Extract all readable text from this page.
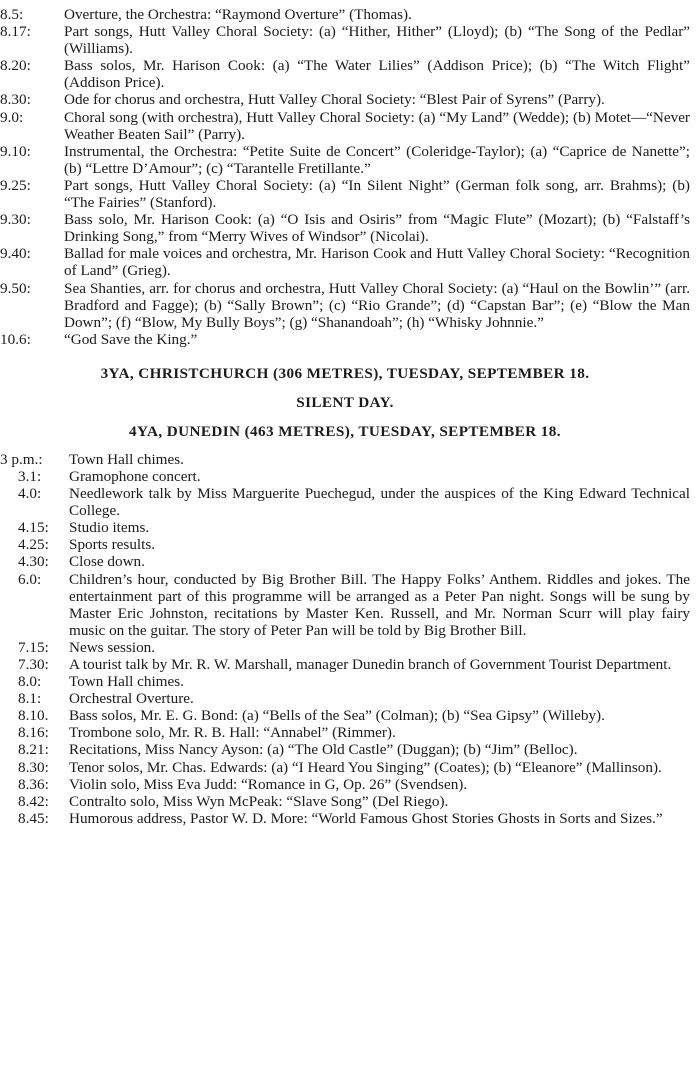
8.5:	Overture, the Orchestra: “Raymond Overture” (Thomas).
8.17: Part songs, Hutt Valley Choral Society: (a) “Hither, Hither” (Lloyd); (b) “The Song of the Pedlar” (Williams).
8.20: Bass solos, Mr. Harison Cook: (a) “The Water Lilies” (Addison Price); (b) “The Witch Flight” (Addison Price).
8.30: Ode for chorus and orchestra, Hutt Valley Choral Society: “Blest Pair of Syrens” (Parry).
9.0:	Choral song (with orchestra), Hutt Valley Choral Society: (a) “My Land” (Wedde); (b) Motet—“Never Weather Beaten Sail” (Parry).
9.10: Instrumental, the Orchestra: “Petite Suite de Concert” (Coleridge-Taylor); (a) “Caprice de Nanette”; (b) “Lettre D’Amour”; (c) “Tarantelle Fretillante.”
9.25: Part songs, Hutt Valley Choral Society: (a) “In Silent Night” (German folk song, arr. Brahms); (b) “The Fairies” (Stanford).
9.30: Bass solo, Mr. Harison Cook: (a) “O Isis and Osiris” from “Magic Flute” (Mozart); (b) “Falstaff’s Drinking Song,” from “Merry Wives of Windsor” (Nicolai).
9.40: Ballad for male voices and orchestra, Mr. Harison Cook and Hutt Valley Choral Society: “Recognition of Land” (Grieg).
9.50: Sea Shanties, arr. for chorus and orchestra, Hutt Valley Choral Society: (a) “Haul on the Bowlin’” (arr. Bradford and Fagge); (b) “Sally Brown”; (c) “Rio Grande”; (d) “Capstan Bar”; (e) “Blow the Man Down”; (f) “Blow, My Bully Boys”; (g) “Shanandoah”; (h) “Whisky Johnnie.”
10.6: “God Save the King.”
3YA, CHRISTCHURCH (306 METRES), TUESDAY, SEPTEMBER 18.
SILENT DAY.
4YA, DUNEDIN (463 METRES), TUESDAY, SEPTEMBER 18.
3 p.m.: Town Hall chimes.
3.1: Gramophone concert.
4.0: Needlework talk by Miss Marguerite Puechegud, under the auspices of the King Edward Technical College.
4.15: Studio items.
4.25: Sports results.
4.30: Close down.
6.0: Children’s hour, conducted by Big Brother Bill. The Happy Folks’ Anthem. Riddles and jokes. The entertainment part of this programme will be arranged as a Peter Pan night. Songs will be sung by Master Eric Johnston, recitations by Master Ken. Russell, and Mr. Norman Scurr will play fairy music on the guitar. The story of Peter Pan will be told by Big Brother Bill.
7.15: News session.
7.30: A tourist talk by Mr. R. W. Marshall, manager Dunedin branch of Government Tourist Department.
8.0: Town Hall chimes.
8.1: Orchestral Overture.
8.10. Bass solos, Mr. E. G. Bond: (a) “Bells of the Sea” (Colman); (b) “Sea Gipsy” (Willeby).
8.16: Trombone solo, Mr. R. B. Hall: “Annabel” (Rimmer).
8.21: Recitations, Miss Nancy Ayson: (a) “The Old Castle” (Duggan); (b) “Jim” (Belloc).
8.30: Tenor solos, Mr. Chas. Edwards: (a) “I Heard You Singing” (Coates); (b) “Eleanore” (Mallinson).
8.36: Violin solo, Miss Eva Judd: “Romance in G, Op. 26” (Svendsen).
8.42: Contralto solo, Miss Wyn McPeak: “Slave Song” (Del Riego).
8.45: Humorous address, Pastor W. D. More: “World Famous Ghost Stories Ghosts in Sorts and Sizes.”
